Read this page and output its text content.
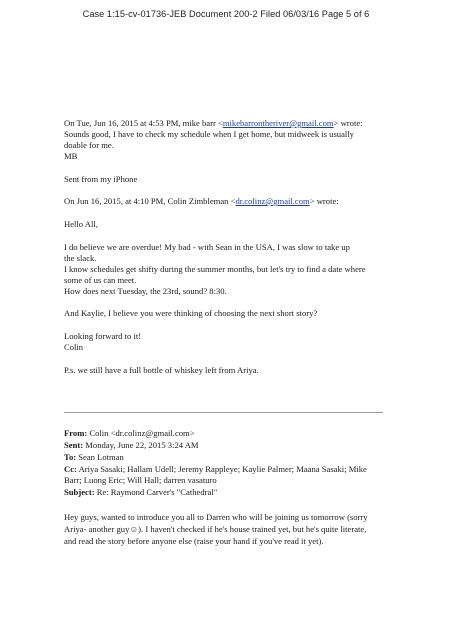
Case 1:15-cv-01736-JEB Document 200-2 Filed 06/03/16 Page 5 of 6
On Tue, Jun 16, 2015 at 4:53 PM, mike barr <mikebarrontheriver@gmail.com> wrote:
Sounds good, I have to check my schedule when I get home, but midweek is usually
doable for me.
MB
Sent from my iPhone
On Jun 16, 2015, at 4:10 PM, Colin Zimbleman <dr.colinz@gmail.com> wrote:
Hello All,
I do believe we are overdue! My bad - with Sean in the USA, I was slow to take up
the slack.
I know schedules get shifty during the summer months, but let's try to find a date where
some of us can meet.
How does next Tuesday, the 23rd, sound? 8:30.
And Kaylie, I believe you were thinking of choosing the next short story?
Looking forward to it!
Colin
P.s. we still have a full bottle of whiskey left from Ariya.
From: Colin <dr.colinz@gmail.com>
Sent: Monday, June 22, 2015 3:24 AM
To: Sean Lotman
Cc: Ariya Sasaki; Hallam Udell; Jeremy Rappleye; Kaylie Palmer; Maana Sasaki; Mike
Barr; Luong Eric; Will Hall; darren vasaturo
Subject: Re: Raymond Carver's "Cathedral"
Hey guys, wanted to introduce you all to Darren who will be joining us tomorrow (sorry
Ariya- another guy☺). I haven't checked if he's house trained yet, but he's quite literate,
and read the story before anyone else (raise your hand if you've read it yet).
